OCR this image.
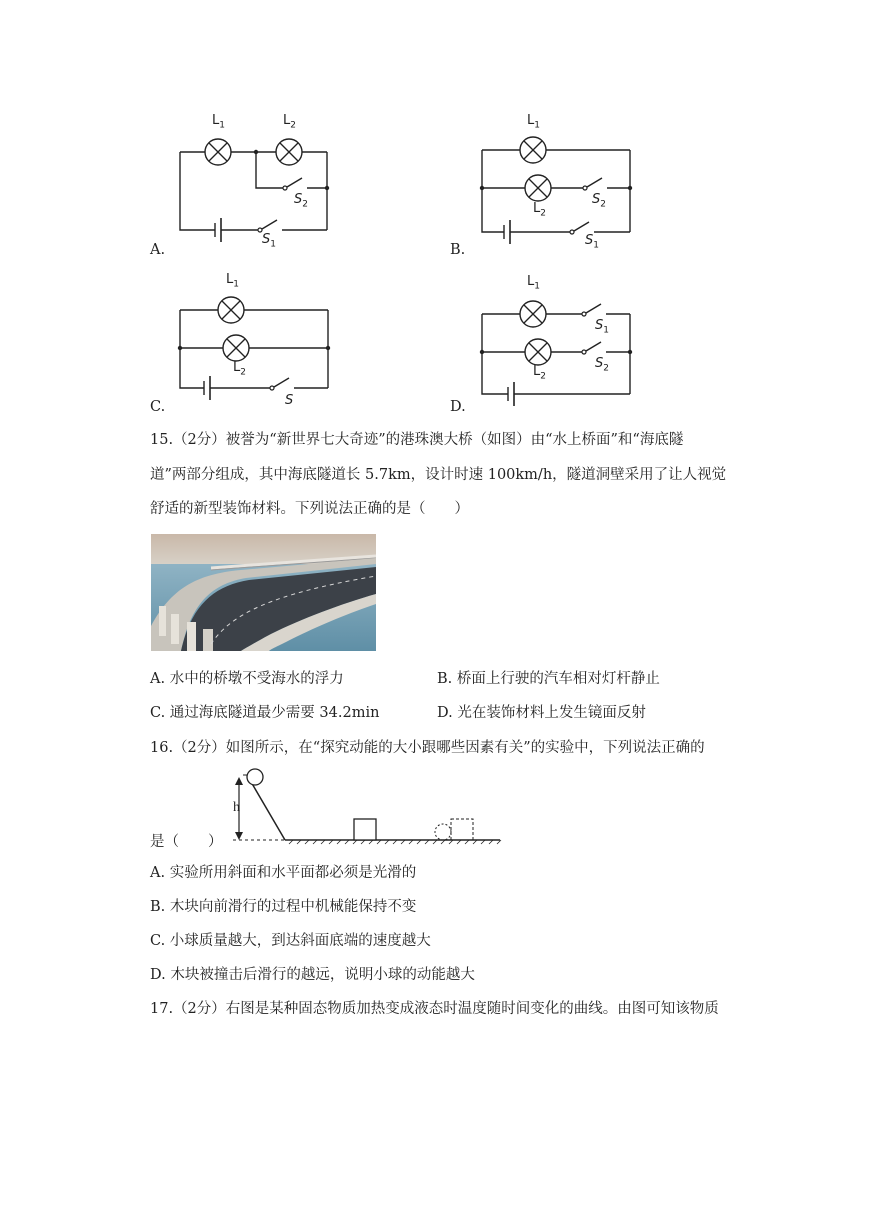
A.
$L_1$	$L_2$
$S_2$
$S_1$	B.
$L_1$
$L_2$
$S_2$
$S_1$
C.
$L_1$
$L_2$
S	D.
$L_1$
$L_2$
$S_1$
$S_2$
15.（2分）被誉为“新世界七大奇迹”的港珠澳大桥（如图）由“水上桥面”和“海底隧
道”两部分组成，其中海底隧道长 5.7km，设计时速 100km/h，隧道洞壁采用了让人视觉
舒适的新型装饰材料。下列说法正确的是（　　）
A. 水中的桥墩不受海水的浮力	B. 桥面上行驶的汽车相对灯杆静止
C. 通过海底隧道最少需要 34.2min	D. 光在装饰材料上发生镜面反射
16.（2分）如图所示，在“探究动能的大小跟哪些因素有关”的实验中，下列说法正确的
h
是（　　）
A. 实验所用斜面和水平面都必须是光滑的
B. 木块向前滑行的过程中机械能保持不变
C. 小球质量越大，到达斜面底端的速度越大
D. 木块被撞击后滑行的越远，说明小球的动能越大
17.（2分）右图是某种固态物质加热变成液态时温度随时间变化的曲线。由图可知该物质
